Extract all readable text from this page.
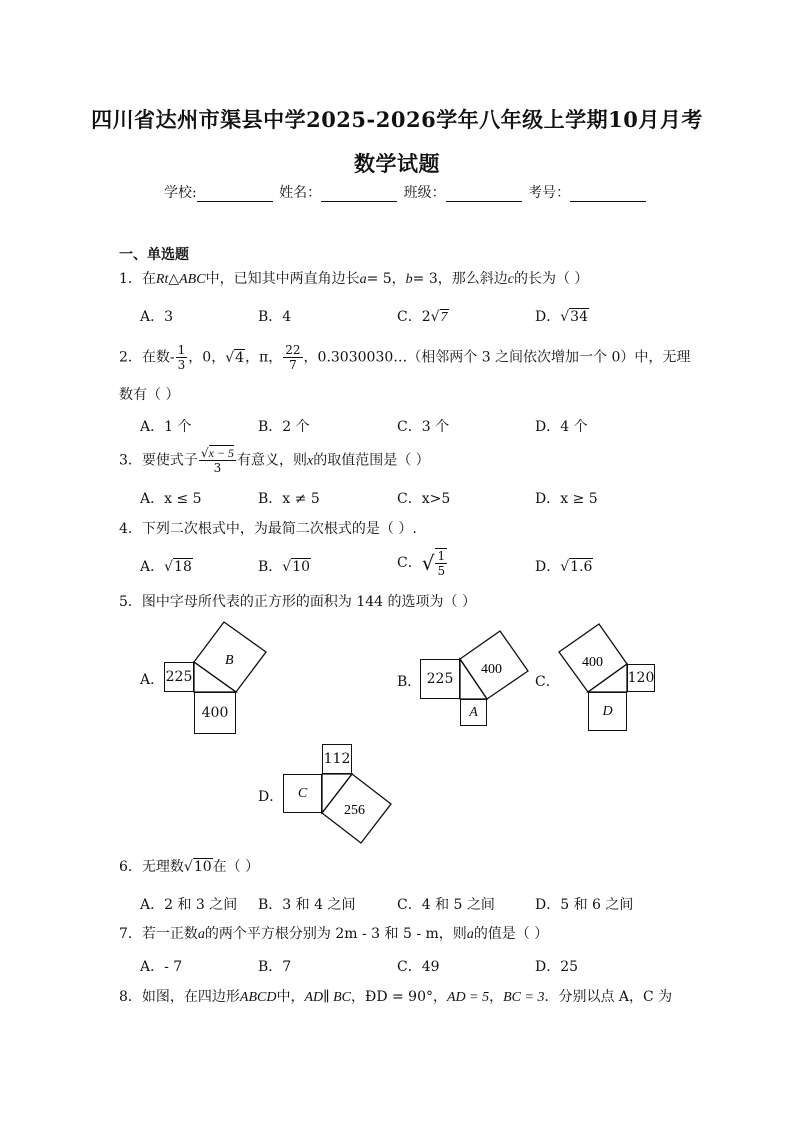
四川省达州市渠县中学2025-2026学年八年级上学期10月月考
数学试题
学校:	姓名：	班级：	考号：
一、单选题
1．在Rt△ABC中，已知其中两直角边长a= 5，b= 3，那么斜边c的长为（ ）
A．3	B．4	C．2√7	D．√34
2．在数- $\frac{1}{3}$ ，0，√4，π， $\frac{22}{7}$ ，0.3030030…（相邻两个 3 之间依次增加一个 0）中，无理
数有（ ）
A．1 个	B．2 个	C．3 个	D．4 个
3．要使式子 $\frac{√x - 5}{3}$ 有意义，则x的取值范围是（ ）
A．x ≤ 5	B．x ≠ 5	C．x>5	D．x ≥ 5
4．下列二次根式中，为最简二次根式的是（ ）.
A．√18	B．√10	C．√ $\frac{1}{5}$	D．√1.6
5．图中字母所代表的正方形的面积为 144 的选项为（ ）
A． 225
400
B
B． 225
A
400
C．	120
D
400
D．
112
C
256
6．无理数√10在（ ）
A．2 和 3 之间 B．3 和 4 之间	C．4 和 5 之间	D．5 和 6 之间
7．若一正数a的两个平方根分别为 2m - 3 和 5 - m，则a的值是（ ）
A．- 7	B．7	C．49	D．25
8．如图，在四边形ABCD中，AD∥ BC，ÐD = 90°，AD = 5，BC = 3．分别以点 A，C 为
